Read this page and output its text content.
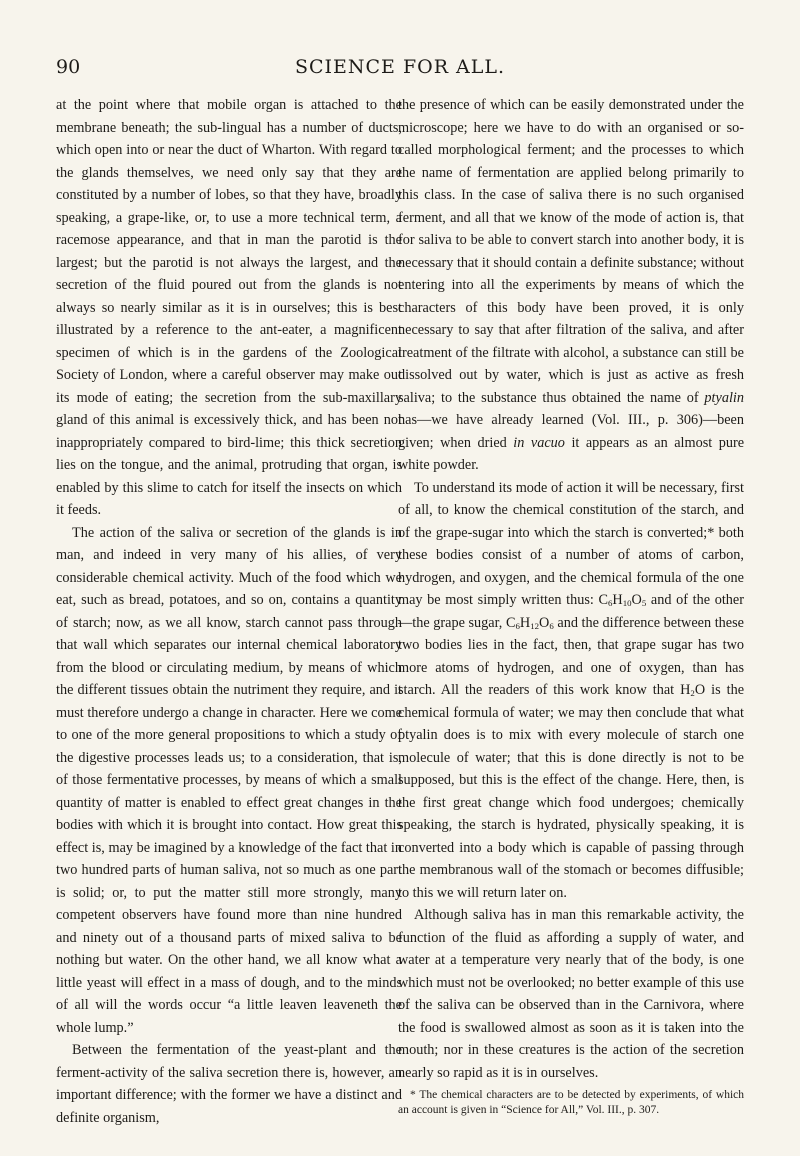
90	SCIENCE FOR ALL.

at the point where that mobile organ is attached to the membrane beneath; the sub-lingual has a number of ducts, which open into or near the duct of Wharton. With regard to the glands themselves, we need only say that they are constituted by a number of lobes, so that they have, broadly speaking, a grape-like, or, to use a more technical term, a racemose appearance, and that in man the parotid is the largest; but the parotid is not always the largest, and the secretion of the fluid poured out from the glands is not always so nearly similar as it is in ourselves; this is best illustrated by a reference to the ant-eater, a magnificent specimen of which is in the gardens of the Zoological Society of London, where a careful observer may make out its mode of eating; the secretion from the sub-maxillary gland of this animal is excessively thick, and has been not inappropriately compared to bird-lime; this thick secretion lies on the tongue, and the animal, protruding that organ, is enabled by this slime to catch for itself the insects on which it feeds.

The action of the saliva or secretion of the glands is in man, and indeed in very many of his allies, of very considerable chemical activity. Much of the food which we eat, such as bread, potatoes, and so on, contains a quantity of starch; now, as we all know, starch cannot pass through that wall which separates our internal chemical laboratory from the blood or circulating medium, by means of which the different tissues obtain the nutriment they require, and it must therefore undergo a change in character. Here we come to one of the more general propositions to which a study of the digestive processes leads us; to a consideration, that is, of those fermentative processes, by means of which a small quantity of matter is enabled to effect great changes in the bodies with which it is brought into contact. How great this effect is, may be imagined by a knowledge of the fact that in two hundred parts of human saliva, not so much as one part is solid; or, to put the matter still more strongly, many competent observers have found more than nine hundred and ninety out of a thousand parts of mixed saliva to be nothing but water. On the other hand, we all know what a little yeast will effect in a mass of dough, and to the minds of all will the words occur “a little leaven leaveneth the whole lump.”

Between the fermentation of the yeast-plant and the ferment-activity of the saliva secretion there is, however, an important difference; with the former we have a distinct and definite organism,

the presence of which can be easily demonstrated under the microscope; here we have to do with an organised or so-called morphological ferment; and the processes to which the name of fermentation are applied belong primarily to this class. In the case of saliva there is no such organised ferment, and all that we know of the mode of action is, that for saliva to be able to convert starch into another body, it is necessary that it should contain a definite substance; without entering into all the experiments by means of which the characters of this body have been proved, it is only necessary to say that after filtration of the saliva, and after treatment of the filtrate with alcohol, a substance can still be dissolved out by water, which is just as active as fresh saliva; to the substance thus obtained the name of ptyalin has—we have already learned (Vol. III., p. 306)—been given; when dried in vacuo it appears as an almost pure white powder.

To understand its mode of action it will be necessary, first of all, to know the chemical constitution of the starch, and of the grape-sugar into which the starch is converted;* both these bodies consist of a number of atoms of carbon, hydrogen, and oxygen, and the chemical formula of the one may be most simply written thus: $C_6H_{10}O_5$ and of the other—the grape sugar, $C_6H_{12}O_6$ and the difference between these two bodies lies in the fact, then, that grape sugar has two more atoms of hydrogen, and one of oxygen, than has starch. All the readers of this work know that $H_2O$ is the chemical formula of water; we may then conclude that what ptyalin does is to mix with every molecule of starch one molecule of water; that this is done directly is not to be supposed, but this is the effect of the change. Here, then, is the first great change which food undergoes; chemically speaking, the starch is hydrated, physically speaking, it is converted into a body which is capable of passing through the membranous wall of the stomach or becomes diffusible; to this we will return later on.

Although saliva has in man this remarkable activity, the function of the fluid as affording a supply of water, and water at a temperature very nearly that of the body, is one which must not be overlooked; no better example of this use of the saliva can be observed than in the Carnivora, where the food is swallowed almost as soon as it is taken into the mouth; nor in these creatures is the action of the secretion nearly so rapid as it is in ourselves.

* The chemical characters are to be detected by experiments, of which an account is given in “Science for All,” Vol. III., p. 307.
